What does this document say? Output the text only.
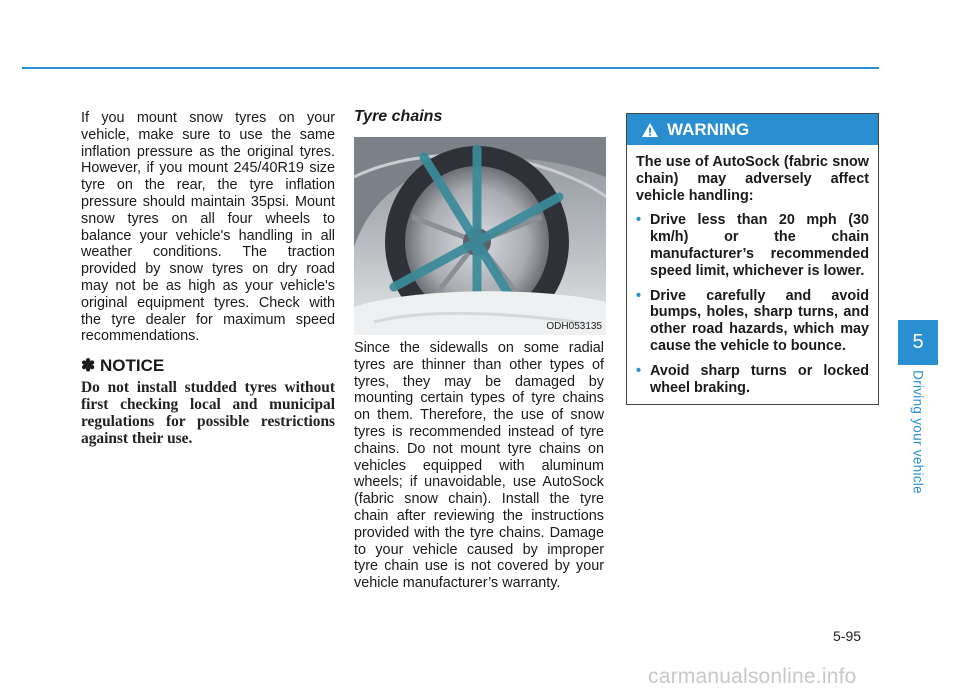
If you mount snow tyres on your vehicle, make sure to use the same inflation pressure as the original tyres. However, if you mount 245/40R19 size tyre on the rear, the tyre inflation pressure should maintain 35psi. Mount snow tyres on all four wheels to balance your vehicle's handling in all weather conditions. The traction provided by snow tyres on dry road may not be as high as your vehicle's original equipment tyres. Check with the tyre dealer for maximum speed recommendations.
✽ NOTICE
Do not install studded tyres without first checking local and municipal regulations for possible restrictions against their use.
Tyre chains
ODH053135
Since the sidewalls on some radial tyres are thinner than other types of tyres, they may be damaged by mounting certain types of tyre chains on them. Therefore, the use of snow tyres is recommended instead of tyre chains. Do not mount tyre chains on vehicles equipped with aluminum wheels; if unavoidable, use AutoSock (fabric snow chain). Install the tyre chain after reviewing the instructions provided with the tyre chains. Damage to your vehicle caused by improper tyre chain use is not covered by your vehicle manufacturer’s warranty.
WARNING

The use of AutoSock (fabric snow chain) may adversely affect vehicle handling:

• Drive less than 20 mph (30 km/h) or the chain manufacturer’s recommended speed limit, whichever is lower.
• Drive carefully and avoid bumps, holes, sharp turns, and other road hazards, which may cause the vehicle to bounce.
• Avoid sharp turns or locked wheel braking.
5
Driving your vehicle
5-95
carmanualsonline.info
